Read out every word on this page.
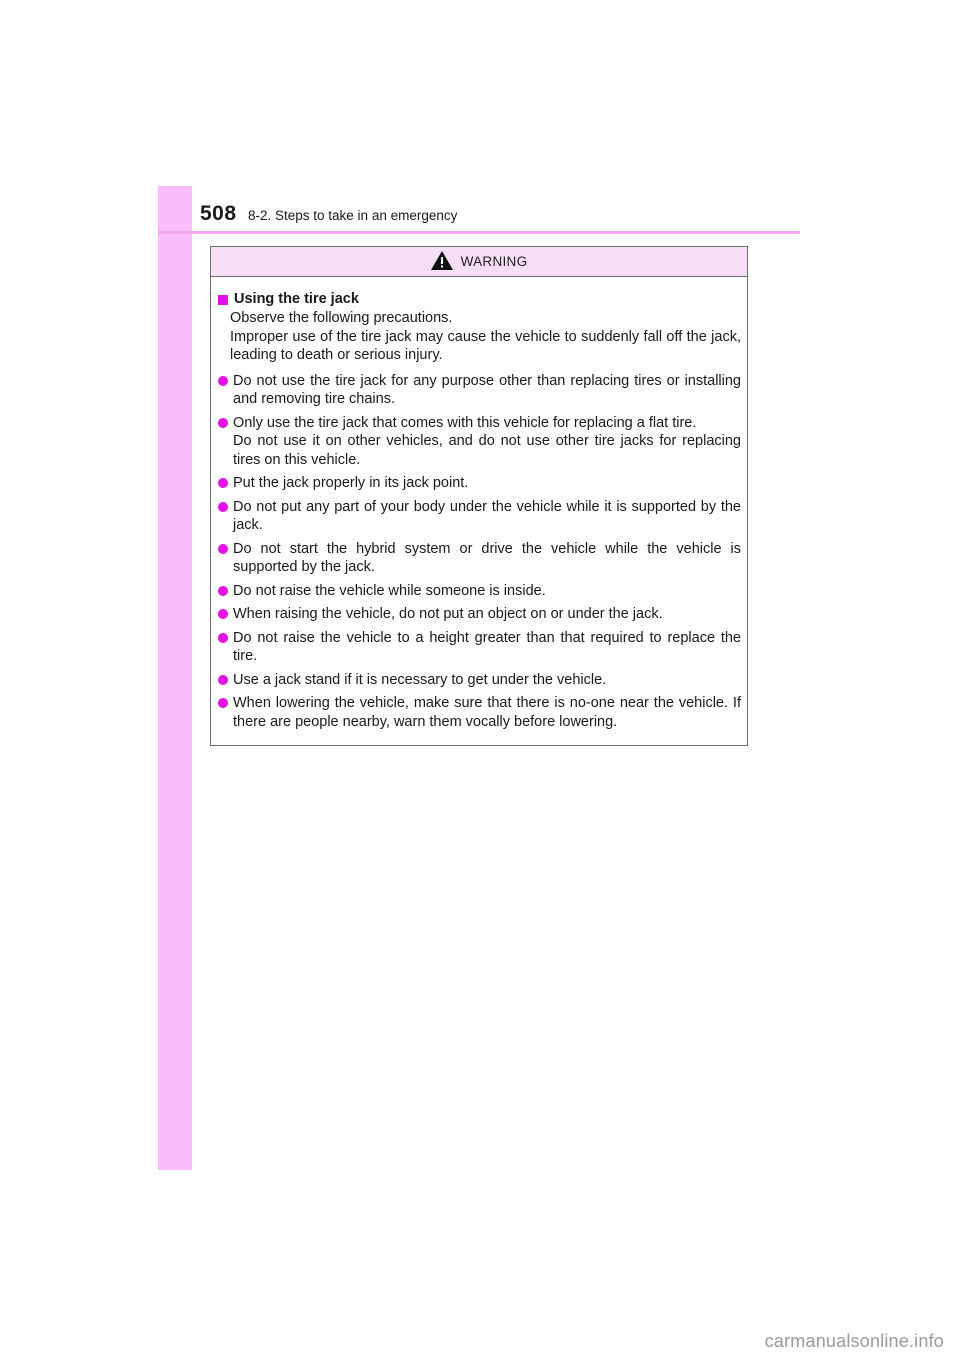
508 8-2. Steps to take in an emergency
WARNING
Using the tire jack
Observe the following precautions.
Improper use of the tire jack may cause the vehicle to suddenly fall off the jack, leading to death or serious injury.
Do not use the tire jack for any purpose other than replacing tires or installing and removing tire chains.
Only use the tire jack that comes with this vehicle for replacing a flat tire.
Do not use it on other vehicles, and do not use other tire jacks for replacing tires on this vehicle.
Put the jack properly in its jack point.
Do not put any part of your body under the vehicle while it is supported by the jack.
Do not start the hybrid system or drive the vehicle while the vehicle is supported by the jack.
Do not raise the vehicle while someone is inside.
When raising the vehicle, do not put an object on or under the jack.
Do not raise the vehicle to a height greater than that required to replace the tire.
Use a jack stand if it is necessary to get under the vehicle.
When lowering the vehicle, make sure that there is no-one near the vehicle. If there are people nearby, warn them vocally before lowering.
carmanualsonline.info
